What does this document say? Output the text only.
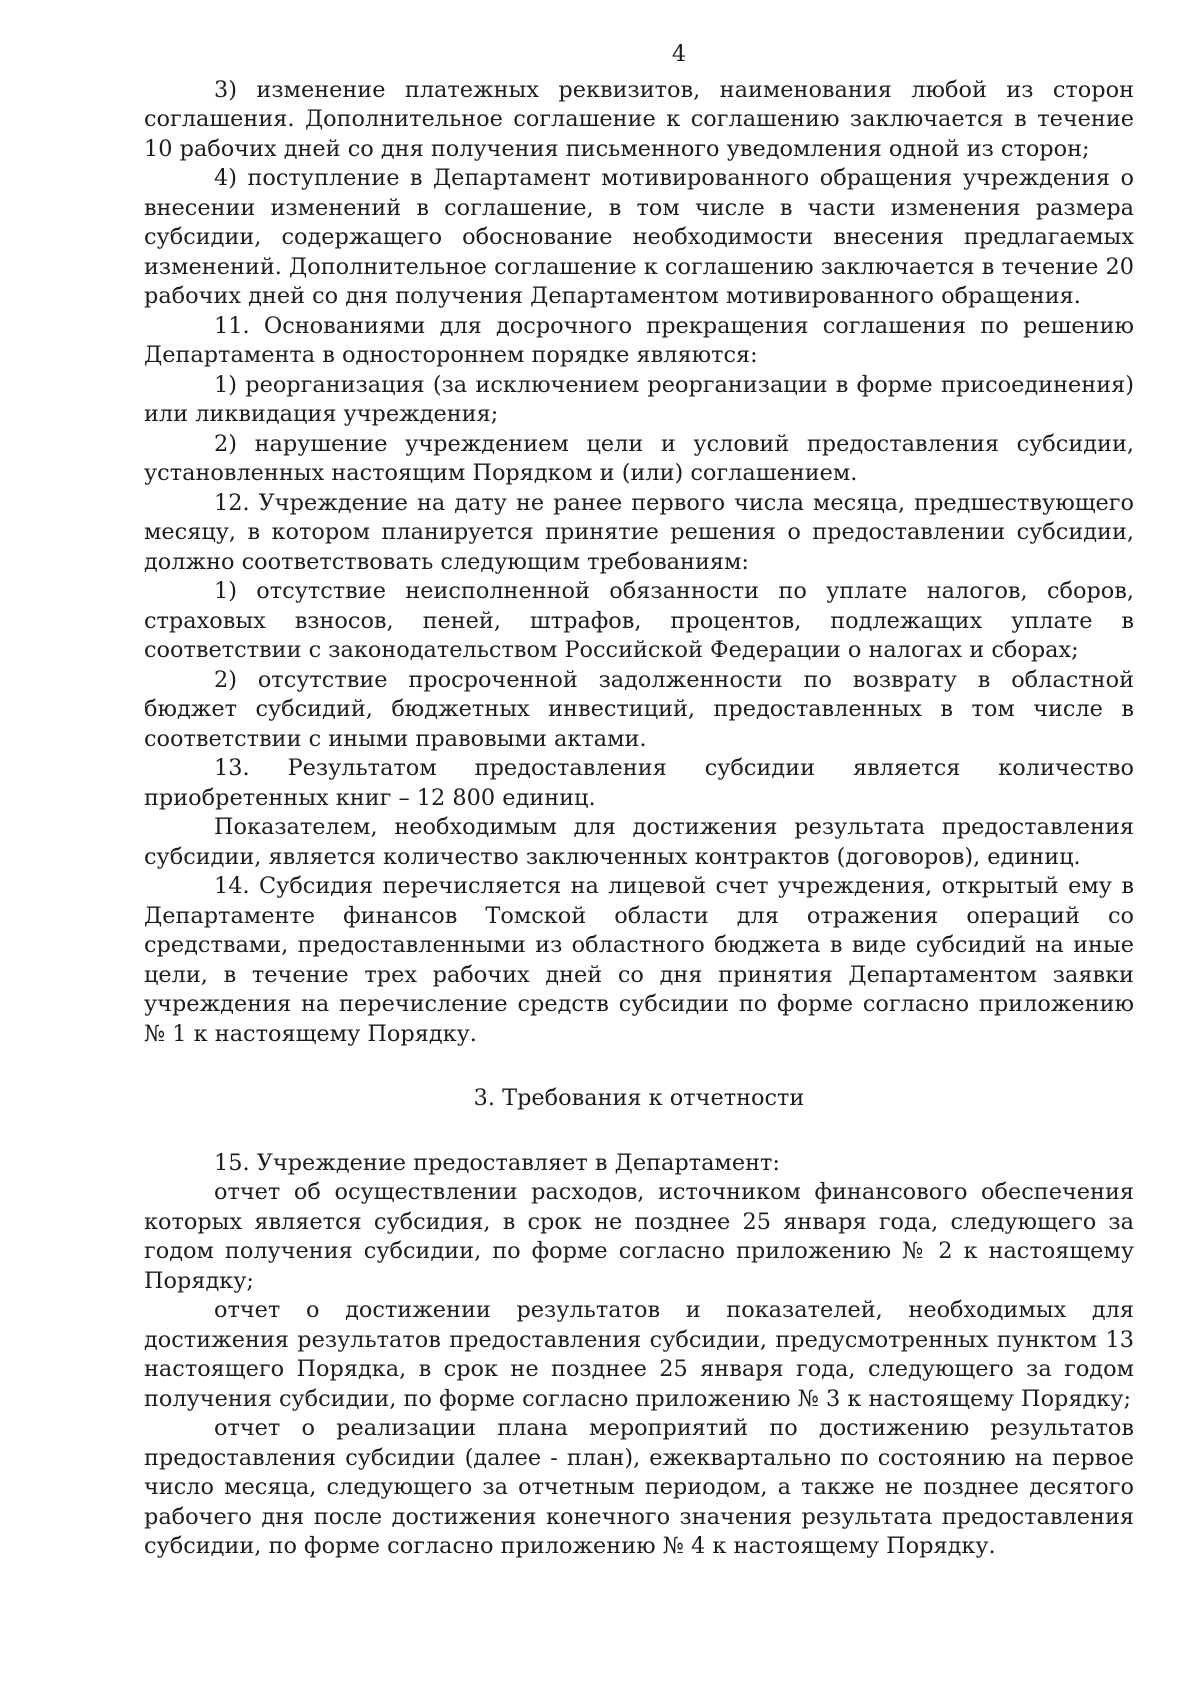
4

3) изменение платежных реквизитов, наименования любой из сторон соглашения. Дополнительное соглашение к соглашению заключается в течение 10 рабочих дней со дня получения письменного уведомления одной из сторон;

4) поступление в Департамент мотивированного обращения учреждения о внесении изменений в соглашение, в том числе в части изменения размера субсидии, содержащего обоснование необходимости внесения предлагаемых изменений. Дополнительное соглашение к соглашению заключается в течение 20 рабочих дней со дня получения Департаментом мотивированного обращения.

11. Основаниями для досрочного прекращения соглашения по решению Департамента в одностороннем порядке являются:

1) реорганизация (за исключением реорганизации в форме присоединения) или ликвидация учреждения;

2) нарушение учреждением цели и условий предоставления субсидии, установленных настоящим Порядком и (или) соглашением.

12. Учреждение на дату не ранее первого числа месяца, предшествующего месяцу, в котором планируется принятие решения о предоставлении субсидии, должно соответствовать следующим требованиям:

1) отсутствие неисполненной обязанности по уплате налогов, сборов, страховых взносов, пеней, штрафов, процентов, подлежащих уплате в соответствии с законодательством Российской Федерации о налогах и сборах;

2) отсутствие просроченной задолженности по возврату в областной бюджет субсидий, бюджетных инвестиций, предоставленных в том числе в соответствии с иными правовыми актами.

13. Результатом предоставления субсидии является количество приобретенных книг – 12 800 единиц.

Показателем, необходимым для достижения результата предоставления субсидии, является количество заключенных контрактов (договоров), единиц.

14. Субсидия перечисляется на лицевой счет учреждения, открытый ему в Департаменте финансов Томской области для отражения операций со средствами, предоставленными из областного бюджета в виде субсидий на иные цели, в течение трех рабочих дней со дня принятия Департаментом заявки учреждения на перечисление средств субсидии по форме согласно приложению № 1 к настоящему Порядку.

3. Требования к отчетности

15. Учреждение предоставляет в Департамент:

отчет об осуществлении расходов, источником финансового обеспечения которых является субсидия, в срок не позднее 25 января года, следующего за годом получения субсидии, по форме согласно приложению № 2 к настоящему Порядку;

отчет о достижении результатов и показателей, необходимых для достижения результатов предоставления субсидии, предусмотренных пунктом 13 настоящего Порядка, в срок не позднее 25 января года, следующего за годом получения субсидии, по форме согласно приложению № 3 к настоящему Порядку;

отчет о реализации плана мероприятий по достижению результатов предоставления субсидии (далее - план), ежеквартально по состоянию на первое число месяца, следующего за отчетным периодом, а также не позднее десятого рабочего дня после достижения конечного значения результата предоставления субсидии, по форме согласно приложению № 4 к настоящему Порядку.
